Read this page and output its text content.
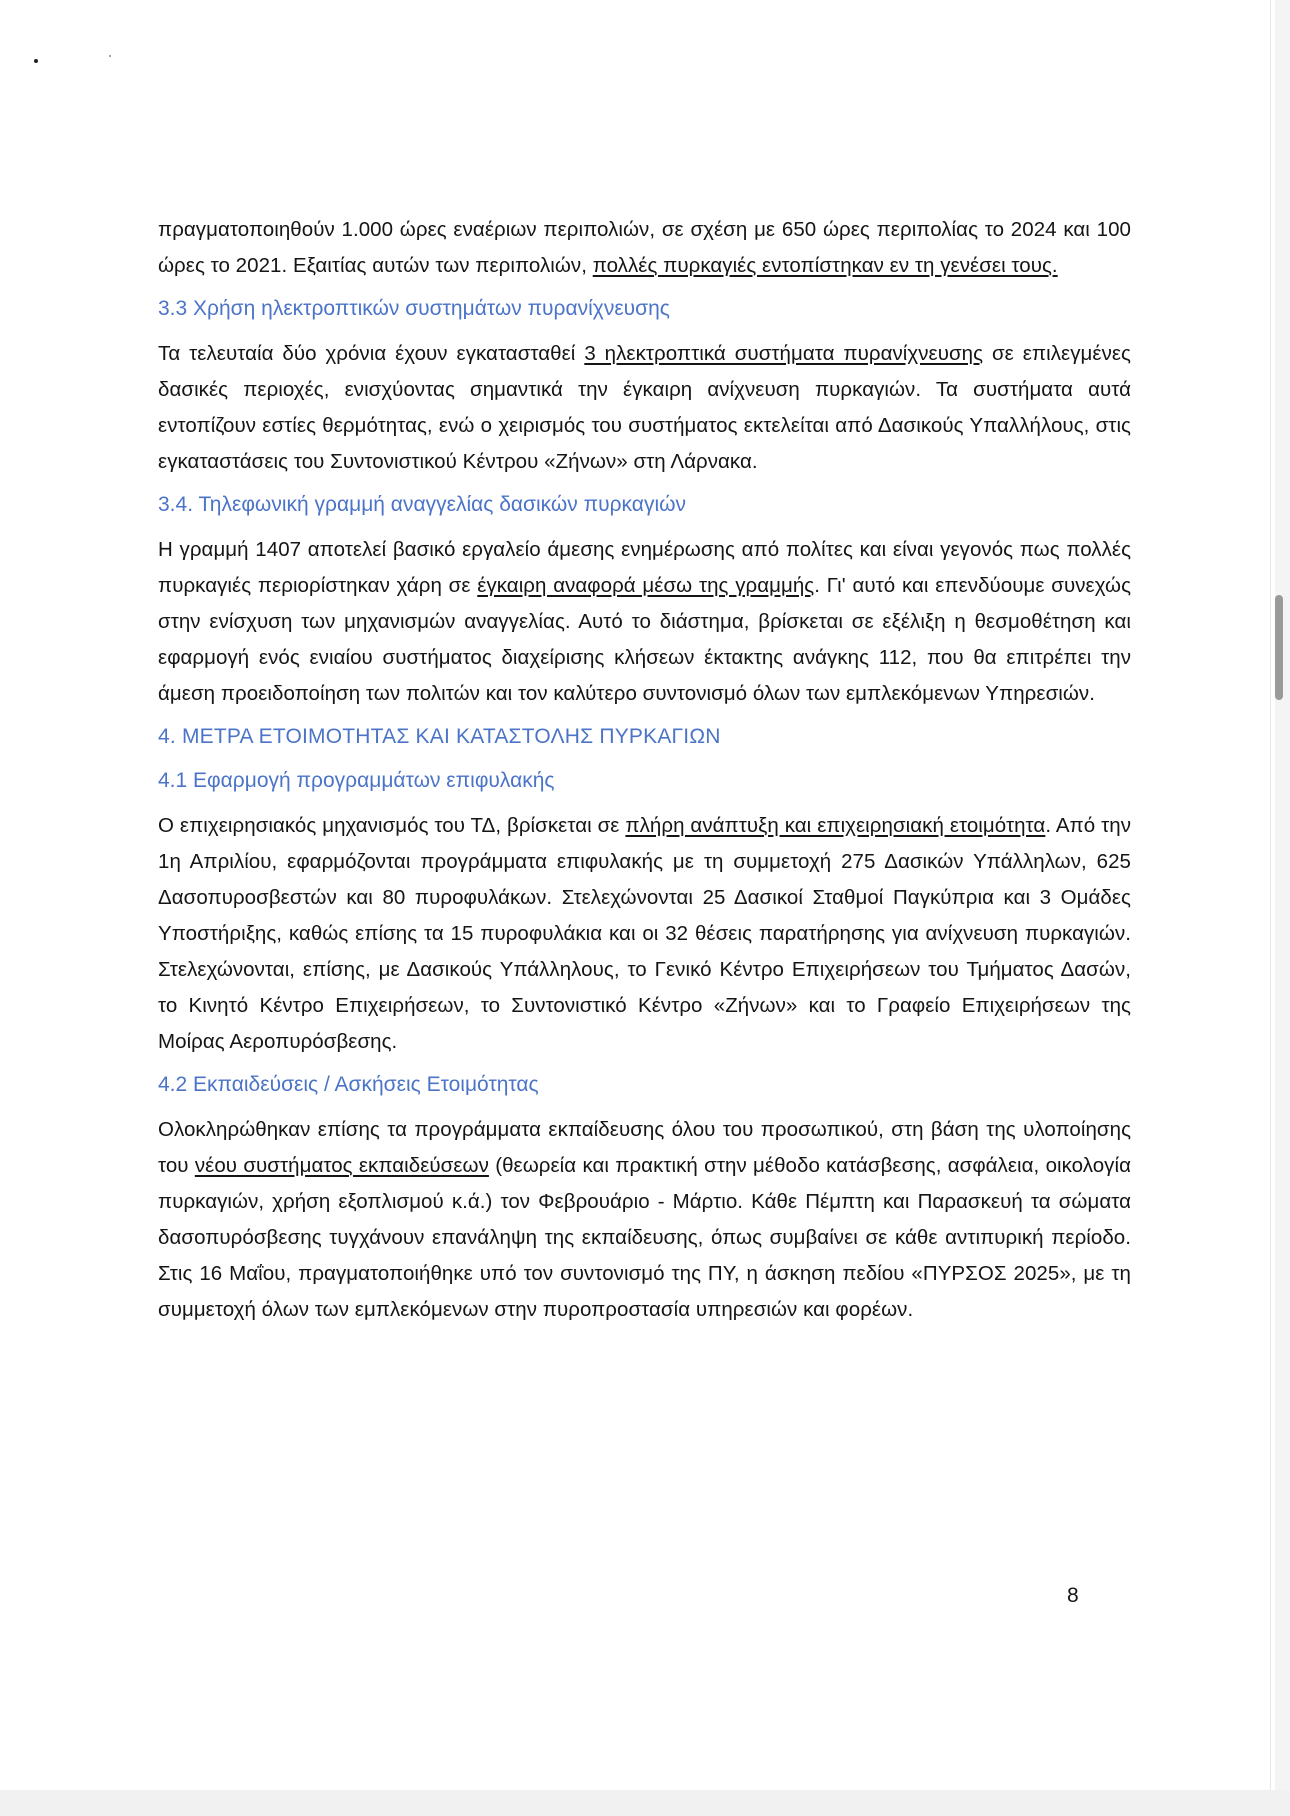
πραγματοποιηθούν 1.000 ώρες εναέριων περιπολιών, σε σχέση με 650 ώρες περιπολίας το 2024 και 100 ώρες το 2021. Εξαιτίας αυτών των περιπολιών, πολλές πυρκαγιές εντοπίστηκαν εν τη γενέσει τους.

3.3 Χρήση ηλεκτροπτικών συστημάτων πυρανίχνευσης

Τα τελευταία δύο χρόνια έχουν εγκατασταθεί 3 ηλεκτροπτικά συστήματα πυρανίχνευσης σε επιλεγμένες δασικές περιοχές, ενισχύοντας σημαντικά την έγκαιρη ανίχνευση πυρκαγιών. Τα συστήματα αυτά εντοπίζουν εστίες θερμότητας, ενώ ο χειρισμός του συστήματος εκτελείται από Δασικούς Υπαλλήλους, στις εγκαταστάσεις του Συντονιστικού Κέντρου «Ζήνων» στη Λάρνακα.

3.4. Τηλεφωνική γραμμή αναγγελίας δασικών πυρκαγιών

Η γραμμή 1407 αποτελεί βασικό εργαλείο άμεσης ενημέρωσης από πολίτες και είναι γεγονός πως πολλές πυρκαγιές περιορίστηκαν χάρη σε έγκαιρη αναφορά μέσω της γραμμής. Γι' αυτό και επενδύουμε συνεχώς στην ενίσχυση των μηχανισμών αναγγελίας. Αυτό το διάστημα, βρίσκεται σε εξέλιξη η θεσμοθέτηση και εφαρμογή ενός ενιαίου συστήματος διαχείρισης κλήσεων έκτακτης ανάγκης 112, που θα επιτρέπει την άμεση προειδοποίηση των πολιτών και τον καλύτερο συντονισμό όλων των εμπλεκόμενων Υπηρεσιών.

4. ΜΕΤΡΑ ΕΤΟΙΜΟΤΗΤΑΣ ΚΑΙ ΚΑΤΑΣΤΟΛΗΣ ΠΥΡΚΑΓΙΩΝ
4.1 Εφαρμογή προγραμμάτων επιφυλακής

Ο επιχειρησιακός μηχανισμός του ΤΔ, βρίσκεται σε πλήρη ανάπτυξη και επιχειρησιακή ετοιμότητα. Από την 1η Απριλίου, εφαρμόζονται προγράμματα επιφυλακής με τη συμμετοχή 275 Δασικών Υπάλληλων, 625 Δασοπυροσβεστών και 80 πυροφυλάκων. Στελεχώνονται 25 Δασικοί Σταθμοί Παγκύπρια και 3 Ομάδες Υποστήριξης, καθώς επίσης τα 15 πυροφυλάκια και οι 32 θέσεις παρατήρησης για ανίχνευση πυρκαγιών. Στελεχώνονται, επίσης, με Δασικούς Υπάλληλους, το Γενικό Κέντρο Επιχειρήσεων του Τμήματος Δασών, το Κινητό Κέντρο Επιχειρήσεων, το Συντονιστικό Κέντρο «Ζήνων» και το Γραφείο Επιχειρήσεων της Μοίρας Αεροπυρόσβεσης.

4.2 Εκπαιδεύσεις / Ασκήσεις Ετοιμότητας

Ολοκληρώθηκαν επίσης τα προγράμματα εκπαίδευσης όλου του προσωπικού, στη βάση της υλοποίησης του νέου συστήματος εκπαιδεύσεων (θεωρεία και πρακτική στην μέθοδο κατάσβεσης, ασφάλεια, οικολογία πυρκαγιών, χρήση εξοπλισμού κ.ά.) τον Φεβρουάριο - Μάρτιο. Κάθε Πέμπτη και Παρασκευή τα σώματα δασοπυρόσβεσης τυγχάνουν επανάληψη της εκπαίδευσης, όπως συμβαίνει σε κάθε αντιπυρική περίοδο. Στις 16 Μαΐου, πραγματοποιήθηκε υπό τον συντονισμό της ΠΥ, η άσκηση πεδίου «ΠΥΡΣΟΣ 2025», με τη συμμετοχή όλων των εμπλεκόμενων στην πυροπροστασία υπηρεσιών και φορέων.

8
